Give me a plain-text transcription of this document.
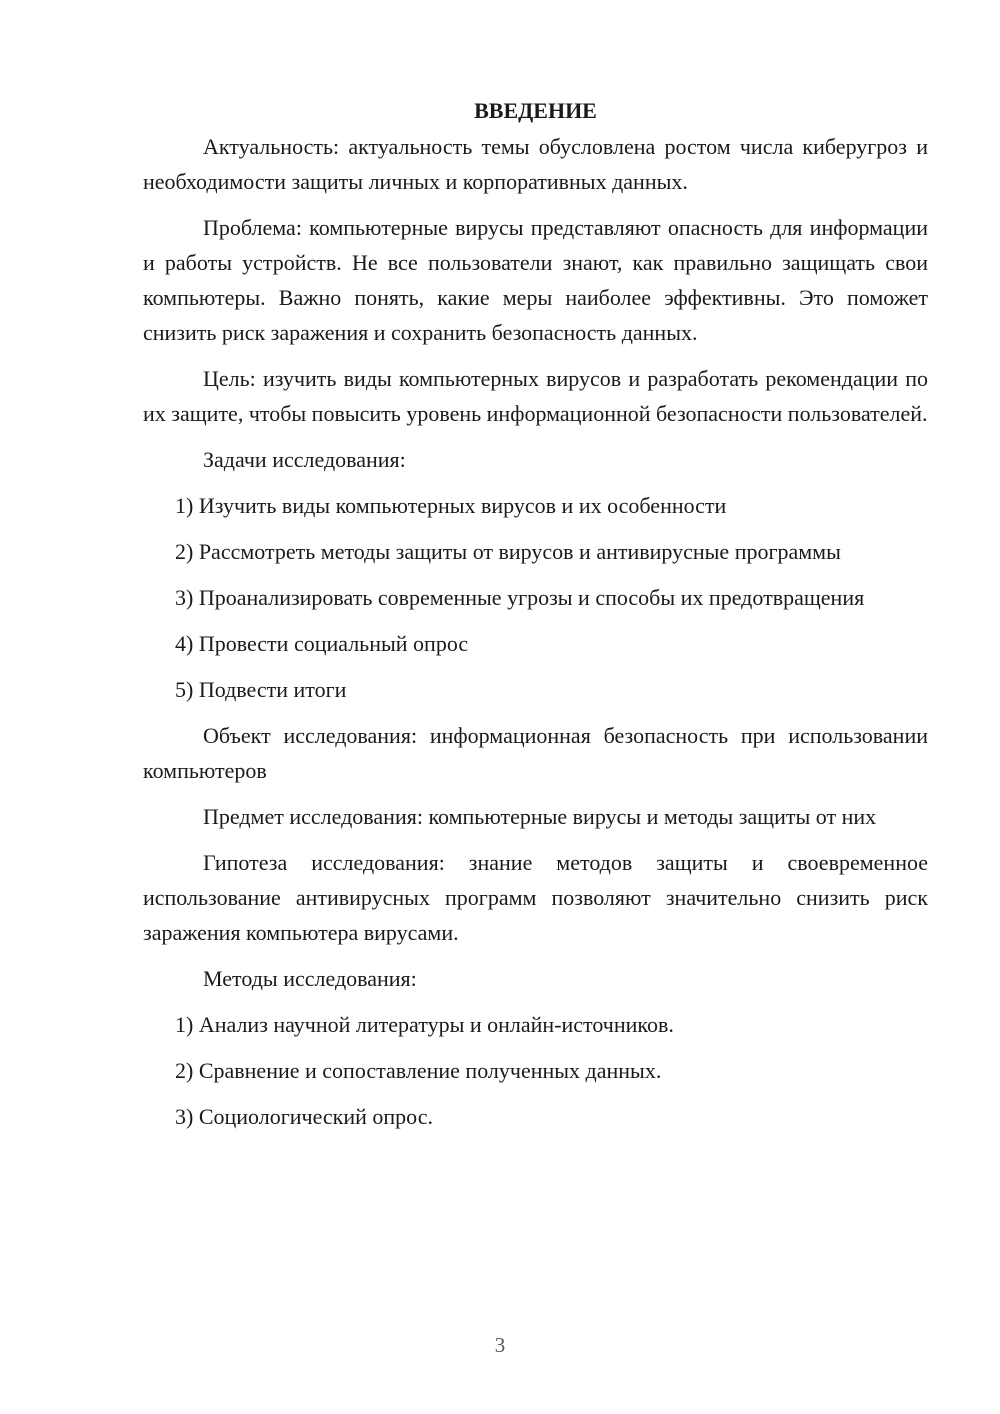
ВВЕДЕНИЕ

Актуальность: актуальность темы обусловлена ростом числа киберугроз и необходимости защиты личных и корпоративных данных.

Проблема: компьютерные вирусы представляют опасность для информации и работы устройств. Не все пользователи знают, как правильно защищать свои компьютеры. Важно понять, какие меры наиболее эффективны. Это поможет снизить риск заражения и сохранить безопасность данных.

Цель: изучить виды компьютерных вирусов и разработать рекомендации по их защите, чтобы повысить уровень информационной безопасности пользователей.

Задачи исследования:

1) Изучить виды компьютерных вирусов и их особенности

2) Рассмотреть методы защиты от вирусов и антивирусные программы

3) Проанализировать современные угрозы и способы их предотвращения

4) Провести социальный опрос

5) Подвести итоги

Объект исследования: информационная безопасность при использовании компьютеров

Предмет исследования: компьютерные вирусы и методы защиты от них

Гипотеза исследования: знание методов защиты и своевременное использование антивирусных программ позволяют значительно снизить риск заражения компьютера вирусами.

Методы исследования:

1) Анализ научной литературы и онлайн-источников.

2) Сравнение и сопоставление полученных данных.

3) Социологический опрос.

3
